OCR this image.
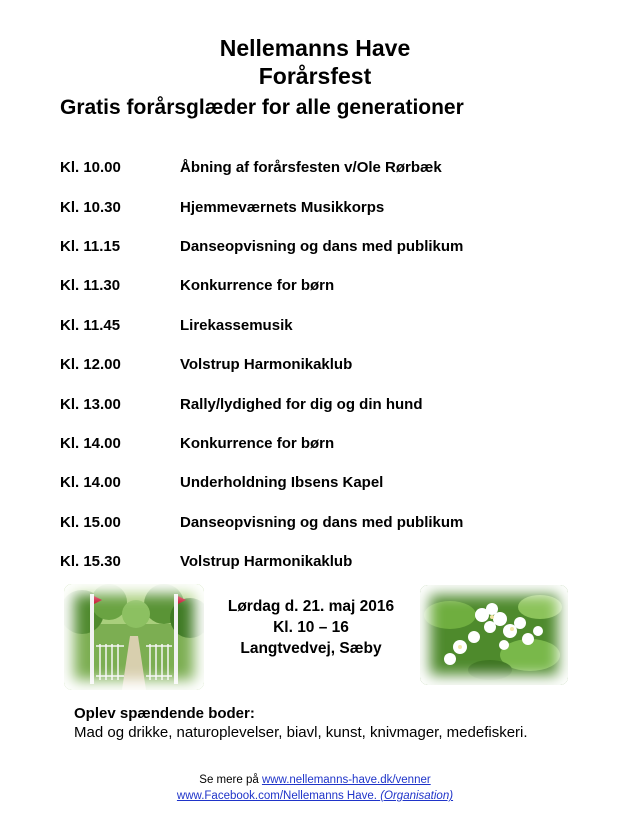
Nellemanns Have
Forårsfest
Gratis forårsglæder for alle generationer
Kl. 10.00	Åbning af forårsfesten v/Ole Rørbæk
Kl. 10.30	Hjemmeværnets Musikkorps
Kl. 11.15	Danseopvisning og dans med publikum
Kl. 11.30	Konkurrence for børn
Kl. 11.45	Lirekassemusik
Kl. 12.00	Volstrup Harmonikaklub
Kl. 13.00	Rally/lydighed for dig og din hund
Kl. 14.00	Konkurrence for børn
Kl. 14.00	Underholdning Ibsens Kapel
Kl. 15.00	Danseopvisning og dans med publikum
Kl. 15.30	Volstrup Harmonikaklub
Lørdag d. 21. maj 2016
Kl. 10 – 16
Langtvedvej, Sæby
Oplev spændende boder:
Mad og drikke, naturoplevelser, biavl, kunst, knivmager, medefiskeri.
Se mere på www.nellemanns-have.dk/venner
www.Facebook.com/Nellemanns Have. (Organisation)
